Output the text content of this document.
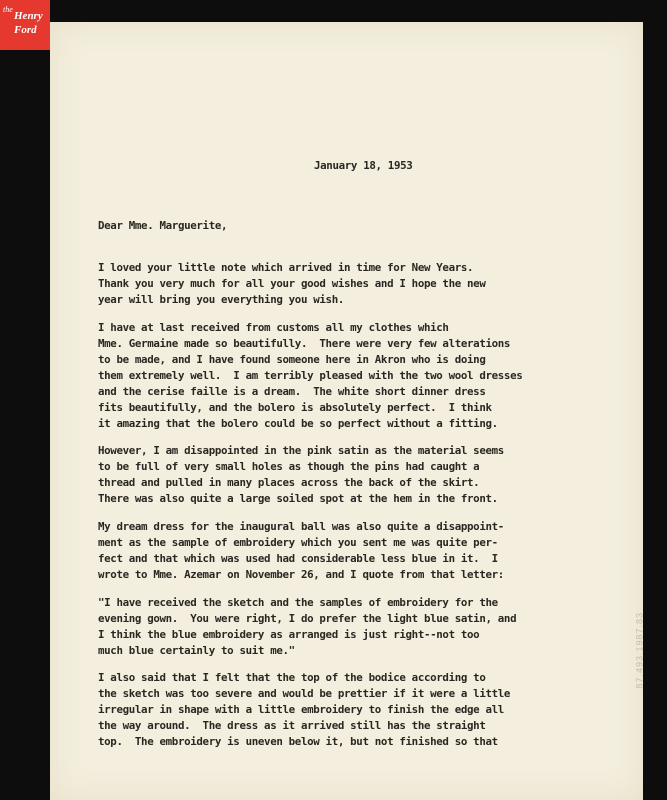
the
Henry
Ford
January 18, 1953
Dear Mme. Marguerite,
I loved your little note which arrived in time for New Years.
Thank you very much for all your good wishes and I hope the new
year will bring you everything you wish.
I have at last received from customs all my clothes which
Mme. Germaine made so beautifully.  There were very few alterations
to be made, and I have found someone here in Akron who is doing
them extremely well.  I am terribly pleased with the two wool dresses
and the cerise faille is a dream.  The white short dinner dress
fits beautifully, and the bolero is absolutely perfect.  I think
it amazing that the bolero could be so perfect without a fitting.
However, I am disappointed in the pink satin as the material seems
to be full of very small holes as though the pins had caught a
thread and pulled in many places across the back of the skirt.
There was also quite a large soiled spot at the hem in the front.
My dream dress for the inaugural ball was also quite a disappoint-
ment as the sample of embroidery which you sent me was quite per-
fect and that which was used had considerable less blue in it.  I
wrote to Mme. Azemar on November 26, and I quote from that letter:
"I have received the sketch and the samples of embroidery for the
evening gown.  You were right, I do prefer the light blue satin, and
I think the blue embroidery as arranged is just right--not too
much blue certainly to suit me."
I also said that I felt that the top of the bodice according to
the sketch was too severe and would be prettier if it were a little
irregular in shape with a little embroidery to finish the edge all
the way around.  The dress as it arrived still has the straight
top.  The embroidery is uneven below it, but not finished so that
87.493.1987.83
